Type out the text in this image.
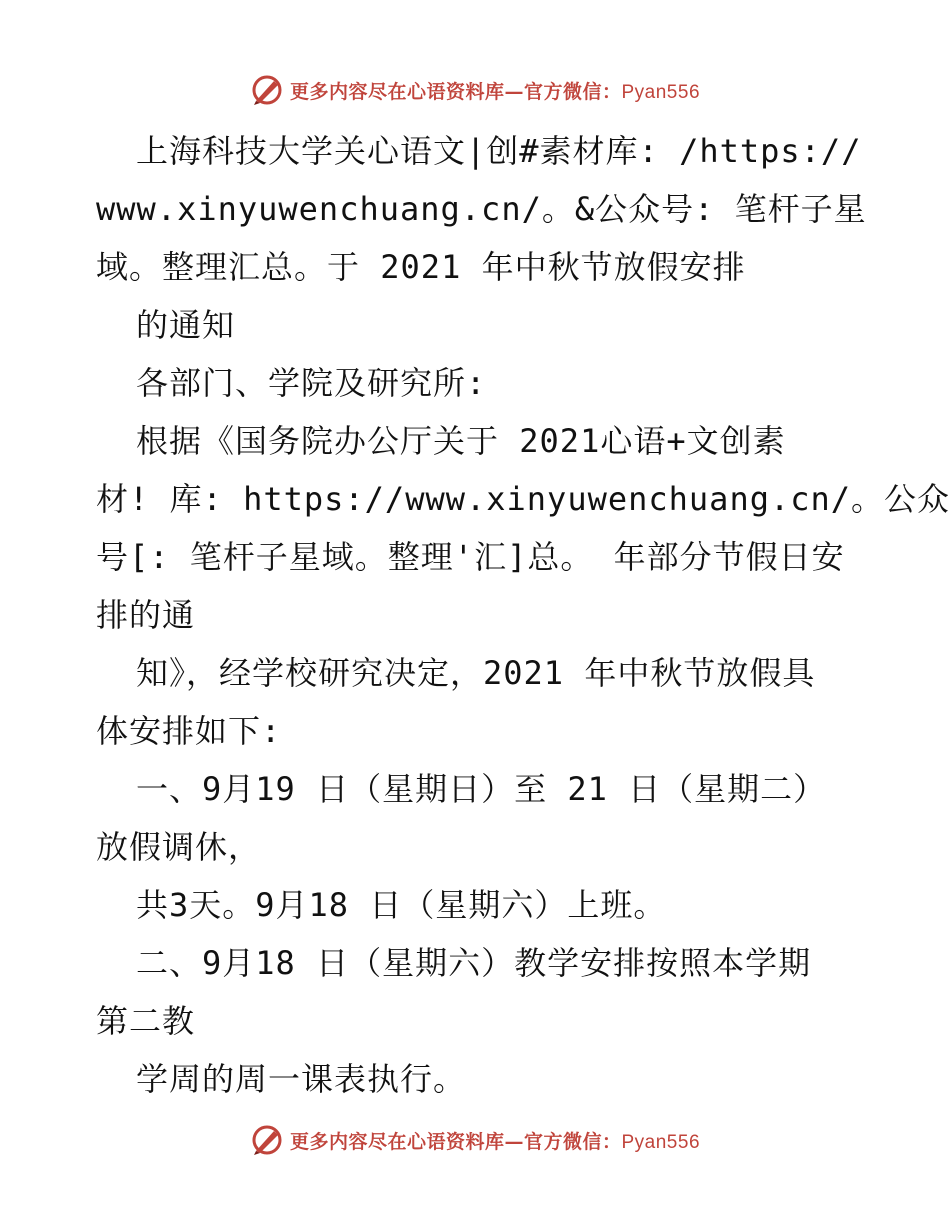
更多内容尽在心语资料库—官方微信：Pyan556
上海科技大学关心语文|创#素材库: /https://
www.xinyuwenchuang.cn/。&公众号: 笔杆子星
域。整理汇总。于 2021 年中秋节放假安排
的通知
各部门、学院及研究所:
根据《国务院办公厅关于 2021心语+文创素
材! 库: https://www.xinyuwenchuang.cn/。公众
号[: 笔杆子星域。整理'汇]总。 年部分节假日安
排的通
知》，经学校研究决定，2021 年中秋节放假具
体安排如下:
一、9月19 日（星期日）至 21 日（星期二）
放假调休，
共3天。9月18 日（星期六）上班。
二、9月18 日（星期六）教学安排按照本学期
第二教
学周的周一课表执行。
更多内容尽在心语资料库—官方微信：Pyan556
